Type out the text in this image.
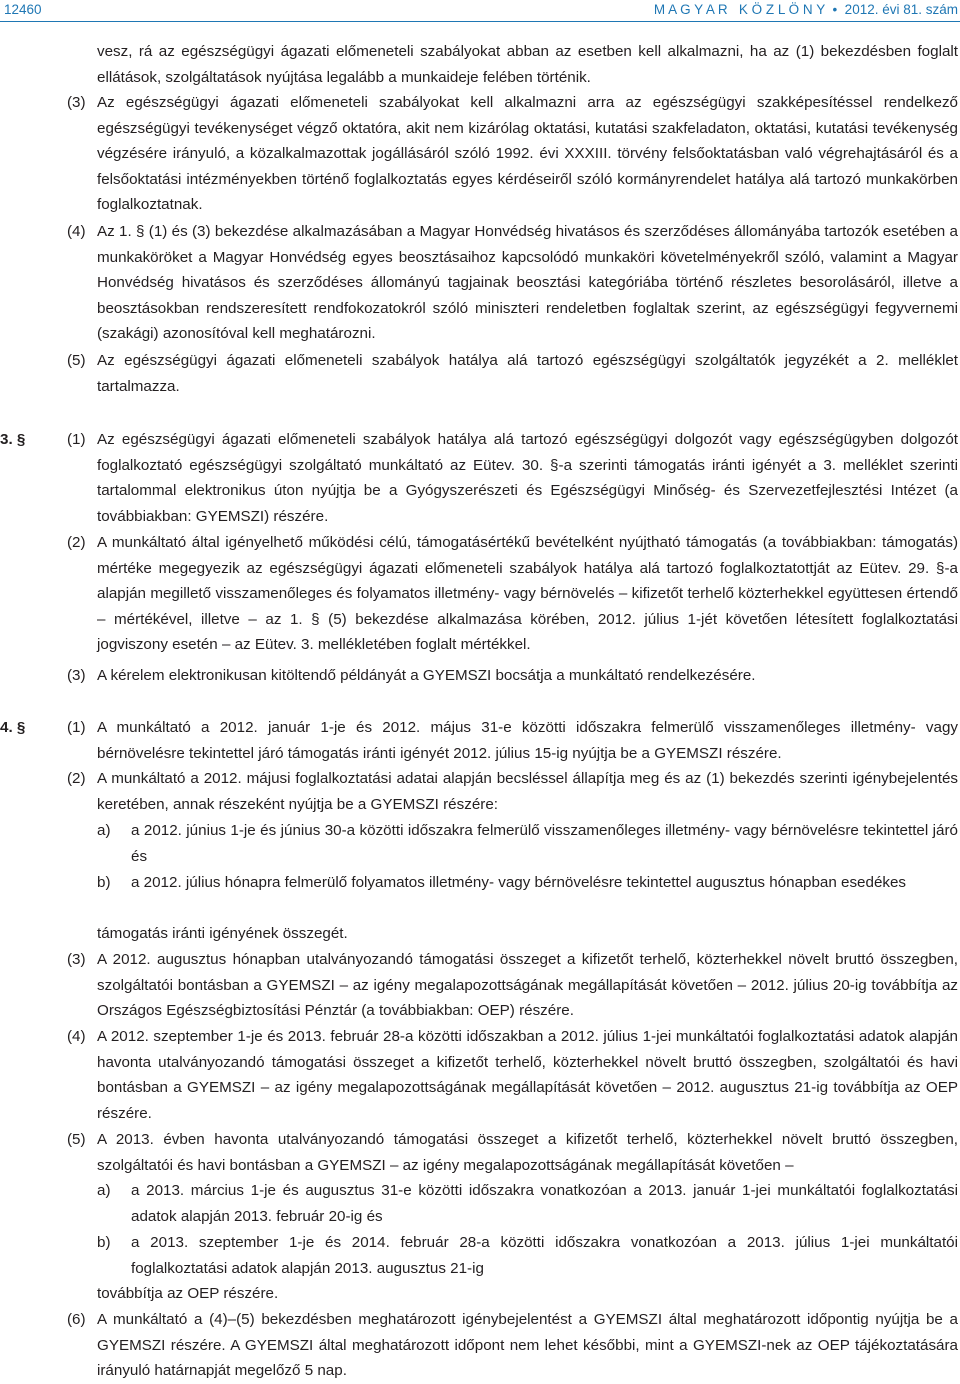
12460	M A G Y A R   K Ö Z L Ö N Y  •  2012. évi 81. szám
vesz, rá az egészségügyi ágazati előmeneteli szabályokat abban az esetben kell alkalmazni, ha az (1) bekezdésben foglalt ellátások, szolgáltatások nyújtása legalább a munkaideje felében történik.
(3) Az egészségügyi ágazati előmeneteli szabályokat kell alkalmazni arra az egészségügyi szakképesítéssel rendelkező egészségügyi tevékenységet végző oktatóra, akit nem kizárólag oktatási, kutatási szakfeladaton, oktatási, kutatási tevékenység végzésére irányuló, a közalkalmazottak jogállásáról szóló 1992. évi XXXIII. törvény felsőoktatásban való végrehajtásáról és a felsőoktatási intézményekben történő foglalkoztatás egyes kérdéseiről szóló kormányrendelet hatálya alá tartozó munkakörben foglalkoztatnak.
(4) Az 1. § (1) és (3) bekezdése alkalmazásában a Magyar Honvédség hivatásos és szerződéses állományába tartozók esetében a munkaköröket a Magyar Honvédség egyes beosztásaihoz kapcsolódó munkaköri követelményekről szóló, valamint a Magyar Honvédség hivatásos és szerződéses állományú tagjainak beosztási kategóriába történő részletes besorolásáról, illetve a beosztásokban rendszeresített rendfokozatokról szóló miniszteri rendeletben foglaltak szerint, az egészségügyi fegyvernemi (szakági) azonosítóval kell meghatározni.
(5) Az egészségügyi ágazati előmeneteli szabályok hatálya alá tartozó egészségügyi szolgáltatók jegyzékét a 2. melléklet tartalmazza.
3. §	(1) Az egészségügyi ágazati előmeneteli szabályok hatálya alá tartozó egészségügyi dolgozót vagy egészségügyben dolgozót foglalkoztató egészségügyi szolgáltató munkáltató az Eütev. 30. §-a szerinti támogatás iránti igényét a 3. melléklet szerinti tartalommal elektronikus úton nyújtja be a Gyógyszerészeti és Egészségügyi Minőség- és Szervezetfejlesztési Intézet (a továbbiakban: GYEMSZI) részére.
(2) A munkáltató által igényelhető működési célú, támogatásértékű bevételként nyújtható támogatás (a továbbiakban: támogatás) mértéke megegyezik az egészségügyi ágazati előmeneteli szabályok hatálya alá tartozó foglalkoztatottját az Eütev. 29. §-a alapján megillető visszamenőleges és folyamatos illetmény- vagy bérnövelés – kifizetőt terhelő közterhekkel együttesen értendő – mértékével, illetve – az 1. § (5) bekezdése alkalmazása körében, 2012. július 1-jét követően létesített foglalkoztatási jogviszony esetén – az Eütev. 3. mellékletében foglalt mértékkel.
(3) A kérelem elektronikusan kitöltendő példányát a GYEMSZI bocsátja a munkáltató rendelkezésére.
4. §	(1) A munkáltató a 2012. január 1-je és 2012. május 31-e közötti időszakra felmerülő visszamenőleges illetmény- vagy bérnövelésre tekintettel járó támogatás iránti igényét 2012. július 15-ig nyújtja be a GYEMSZI részére.
(2) A munkáltató a 2012. májusi foglalkoztatási adatai alapján becsléssel állapítja meg és az (1) bekezdés szerinti igénybejelentés keretében, annak részeként nyújtja be a GYEMSZI részére:
a) a 2012. június 1-je és június 30-a közötti időszakra felmerülő visszamenőleges illetmény- vagy bérnövelésre tekintettel járó és
b) a 2012. július hónapra felmerülő folyamatos illetmény- vagy bérnövelésre tekintettel augusztus hónapban esedékes
támogatás iránti igényének összegét.
(3) A 2012. augusztus hónapban utalványozandó támogatási összeget a kifizetőt terhelő, közterhekkel növelt bruttó összegben, szolgáltatói bontásban a GYEMSZI – az igény megalapozottságának megállapítását követően – 2012. július 20-ig továbbítja az Országos Egészségbiztosítási Pénztár (a továbbiakban: OEP) részére.
(4) A 2012. szeptember 1-je és 2013. február 28-a közötti időszakban a 2012. július 1-jei munkáltatói foglalkoztatási adatok alapján havonta utalványozandó támogatási összeget a kifizetőt terhelő, közterhekkel növelt bruttó összegben, szolgáltatói és havi bontásban a GYEMSZI – az igény megalapozottságának megállapítását követően – 2012. augusztus 21-ig továbbítja az OEP részére.
(5) A 2013. évben havonta utalványozandó támogatási összeget a kifizetőt terhelő, közterhekkel növelt bruttó összegben, szolgáltatói és havi bontásban a GYEMSZI – az igény megalapozottságának megállapítását követően –
a) a 2013. március 1-je és augusztus 31-e közötti időszakra vonatkozóan a 2013. január 1-jei munkáltatói foglalkoztatási adatok alapján 2013. február 20-ig és
b) a 2013. szeptember 1-je és 2014. február 28-a közötti időszakra vonatkozóan a 2013. július 1-jei munkáltatói foglalkoztatási adatok alapján 2013. augusztus 21-ig
továbbítja az OEP részére.
(6) A munkáltató a (4)–(5) bekezdésben meghatározott igénybejelentést a GYEMSZI által meghatározott időpontig nyújtja be a GYEMSZI részére. A GYEMSZI által meghatározott időpont nem lehet későbbi, mint a GYEMSZI-nek az OEP tájékoztatására irányuló határnapját megelőző 5 nap.
